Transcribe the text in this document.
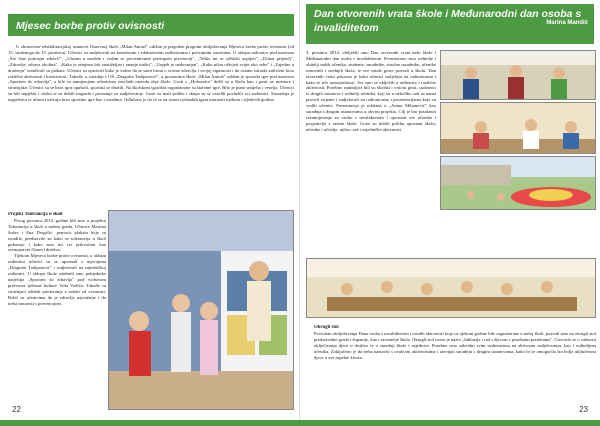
Mjesec borbe protiv ovisnosti
Jelena Bradić i Marina Mandić
U obrazovno-rehabilitacijskoj ustanovi Osnovnoj školi „Milan Amruš" održan je prigodan program obilježavanja Mjeseca borbe protiv ovisnosti (od 15. studenoga do 15. prosinca). Učenici su sudjelovali na kreativnim i edukativnim radionicama i poticajnim susretima. U sklopu radionice pod nazivom „Što čine poticajni zdravi?", „Ulazim u modele i vodim se preventivnim pristupom prevenciji", „Teško mi se odlučiti uzpljeti", „Dobar prijatelj", „Zdravlje, zdrava okolina", „Kako je otmjeno biti znatiželjan i znanje tražiti", „Uspjeh je nedosanjan", „Kako učim oživjeti svijet oko sebe" i „Zajedno u druženju" izrađivali su plakate. Učenici su opisivali kako je važno da se sami brinu o svome zdravlju i svojoj sigurnosti i da ostanu istinski zaštićeni kroz različite aktivnosti i kreativnost. Takođe, u suradnji s OŠ „Dragutin Tadijanović", u prostorima škole „Milan Amruš" održan je sportski igre pod nazivom „Sportom do zdravlja", a bile su namijenjene učenicima završnih razreda obje škole. Gosti s „Hobotnice" došli su u školu kao i gosti uz mentore i stručnjake. Učenici su se kroz igru opuštali, sportski se družili. Na školskom igralištu organizirane su štafetne igre. Bilo je puno smijeha i veselja. Učenici su bili uspješni i složni te su dobili nagradu i priznanja za sudjelovanje. Gosti su mali prilike i skupa su se veselili poslužili svi sudionici. Susradnja je uspješnica te učenici uživaju kroz sportske igre kao i ostalima. Odlučeno je da će se na osnovi jednakih igara nastaviti tijekom i sljedećih godina.

Projekt Tolerancija u školi

Prvog prosinca 2014. godine bili smo u projektu Tolerancija u školi u našem gradu. Učenice Martina Sušec i Ena Dragičić, pomoću plakata koje su izradile, predstavile su kako se tolerancija u školi pokazuje i kako smo mi svi prihvaćeni kao ravnopravni članovi društva.

Tijekom Mjeseca borbe protiv ovisnosti, u sklopu radionica učenici su se upoznali s utjecajima „Dragutin Tadijanović" i sudjelovali na zajedničkoj radionici. U sklopu škole odabrali smo pobjednike natječaja „Sportom do zdravlja" pod vodstvom profesora tjelesne kulture Vida Vodiča. Takođe su stručnjaci održali predavanje o zaštiti od ovisnosti. Rekli su učenicima da je zdravlje najvažnije i da treba nastaviti s prevencijom.

22
Dan otvorenih vrata škole i Međunarodni dan osoba s invaliditetom	Marina Mandić
3. prosinca 2014. obilježili smo Dan otvorenih vrata naše škole i Međunarodni dan osoba s invaliditetom. Prvenstveno smo roditelje i obitelji naših učenika, studente, suradnike, stručne suradnike, učenike osnovnih i srednjih škola, te sve ostale goste pozvali u školu. Dan otvorenih vrata pokazao je kako učenici sudjeluju na radionicama i kako se uče samostalnosti. Svi smo se uključili u radionice i različite aktivnosti. Posebno zanimljivi bili su školski i vrtićni gosti, sudionici iz drugih ustanova i roditelji učenika, koji su u nekoliko sati sa nama proveli vrijeme i sudjelovali na radionicama i prezentacijama koje su vodili učenici. Prezentacija je održana u „Antun Mihanović" kao suradnja s drugim ustanovama u okviru projekta. Cilj je bio potaknuti razumijevanje za osobe s invaliditetom i upoznati sve učenike i posjetitelje s radom škole. Gosti su dobili priliku upoznati školu, učenike i učitelje, njihov rad i zajedničke aktivnosti.

Okrugli stol

Povodom obilježavanja Dana osoba s invaliditetom i ostalih aktivnosti koje su tijekom godine bile organizirane u našoj školi, pozvali smo na okrugli stol predstavnike grada i županije, kao i ravnatelje škola. Okrugli stol nosio je naziv „Inkluzija i rad s djecom s posebnim potrebama". Govorilo se o važnosti uključivanja djece u društvo te o suradnji škole i zajednice. Posebno smo zahvalni svim sudionicima na aktivnom sudjelovanju, kao i roditeljima učenika. Zaključeno je da treba nastaviti s ovakvim aktivnostima i razvijati suradnju s drugim ustanovama, kako bi se omogućila što bolja uključenost djece u sve aspekte života.

23
